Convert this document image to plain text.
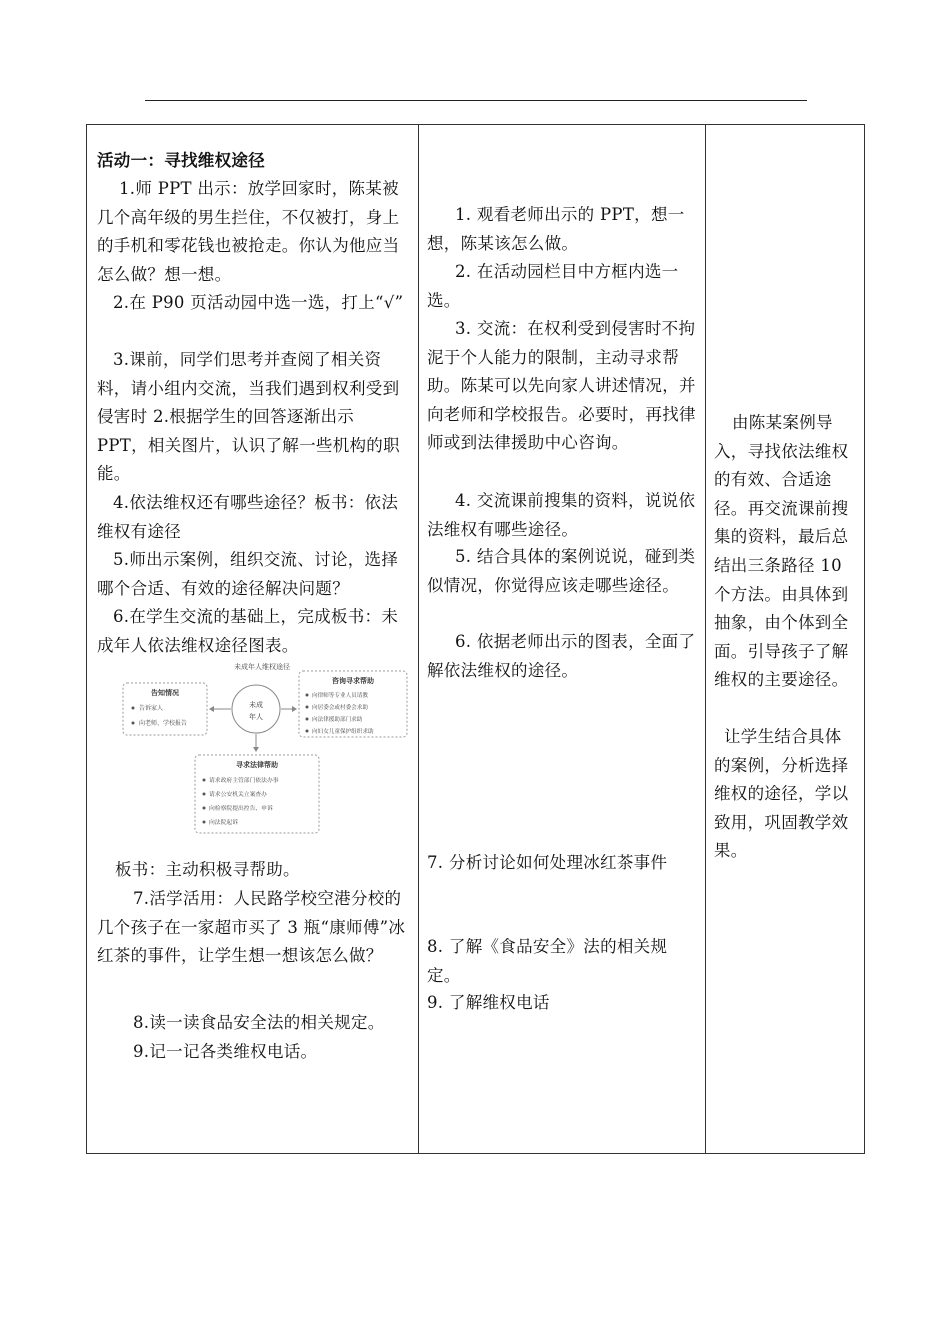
活动一：寻找维权途径
1.师 PPT 出示：放学回家时，陈某被几个高年级的男生拦住，不仅被打，身上的手机和零花钱也被抢走。你认为他应当怎么做？想一想。
2.在 P90 页活动园中选一选，打上“√”
3.课前，同学们思考并查阅了相关资料，请小组内交流，当我们遇到权利受到侵害时 2.根据学生的回答逐渐出示 PPT，相关图片，认识了解一些机构的职能。
4.依法维权还有哪些途径？板书：依法维权有途径
5.师出示案例，组织交流、讨论，选择哪个合适、有效的途径解决问题？
6.在学生交流的基础上，完成板书：未成年人依法维权途径图表。
未成年人维权途径
告知情况
告诉家人
向老师、学校报告
未成
年人
咨询寻求帮助
向律师等专业人员请教
向居委会或村委会求助
向法律援助部门求助
向妇女儿童保护组织求助
寻求法律帮助
请求政府主管部门依法办事
请求公安机关立案查办
向检察院提出控告、申诉
向法院起诉
板书：主动积极寻帮助。
7.活学活用：人民路学校空港分校的几个孩子在一家超市买了 3 瓶“康师傅”冰红茶的事件，让学生想一想该怎么做？
8.读一读食品安全法的相关规定。
9.记一记各类维权电话。

1. 观看老师出示的 PPT，想一想，陈某该怎么做。
2. 在活动园栏目中方框内选一选。
3. 交流：在权利受到侵害时不拘泥于个人能力的限制，主动寻求帮助。陈某可以先向家人讲述情况，并向老师和学校报告。必要时，再找律师或到法律援助中心咨询。
4. 交流课前搜集的资料，说说依法维权有哪些途径。
5. 结合具体的案例说说，碰到类似情况，你觉得应该走哪些途径。
6. 依据老师出示的图表，全面了解依法维权的途径。
7. 分析讨论如何处理冰红茶事件
8. 了解《食品安全》法的相关规定。
9. 了解维权电话

由陈某案例导入，寻找依法维权的有效、合适途径。再交流课前搜集的资料，最后总结出三条路径 10 个方法。由具体到抽象，由个体到全面。引导孩子了解维权的主要途径。
让学生结合具体的案例，分析选择维权的途径，学以致用，巩固教学效果。
